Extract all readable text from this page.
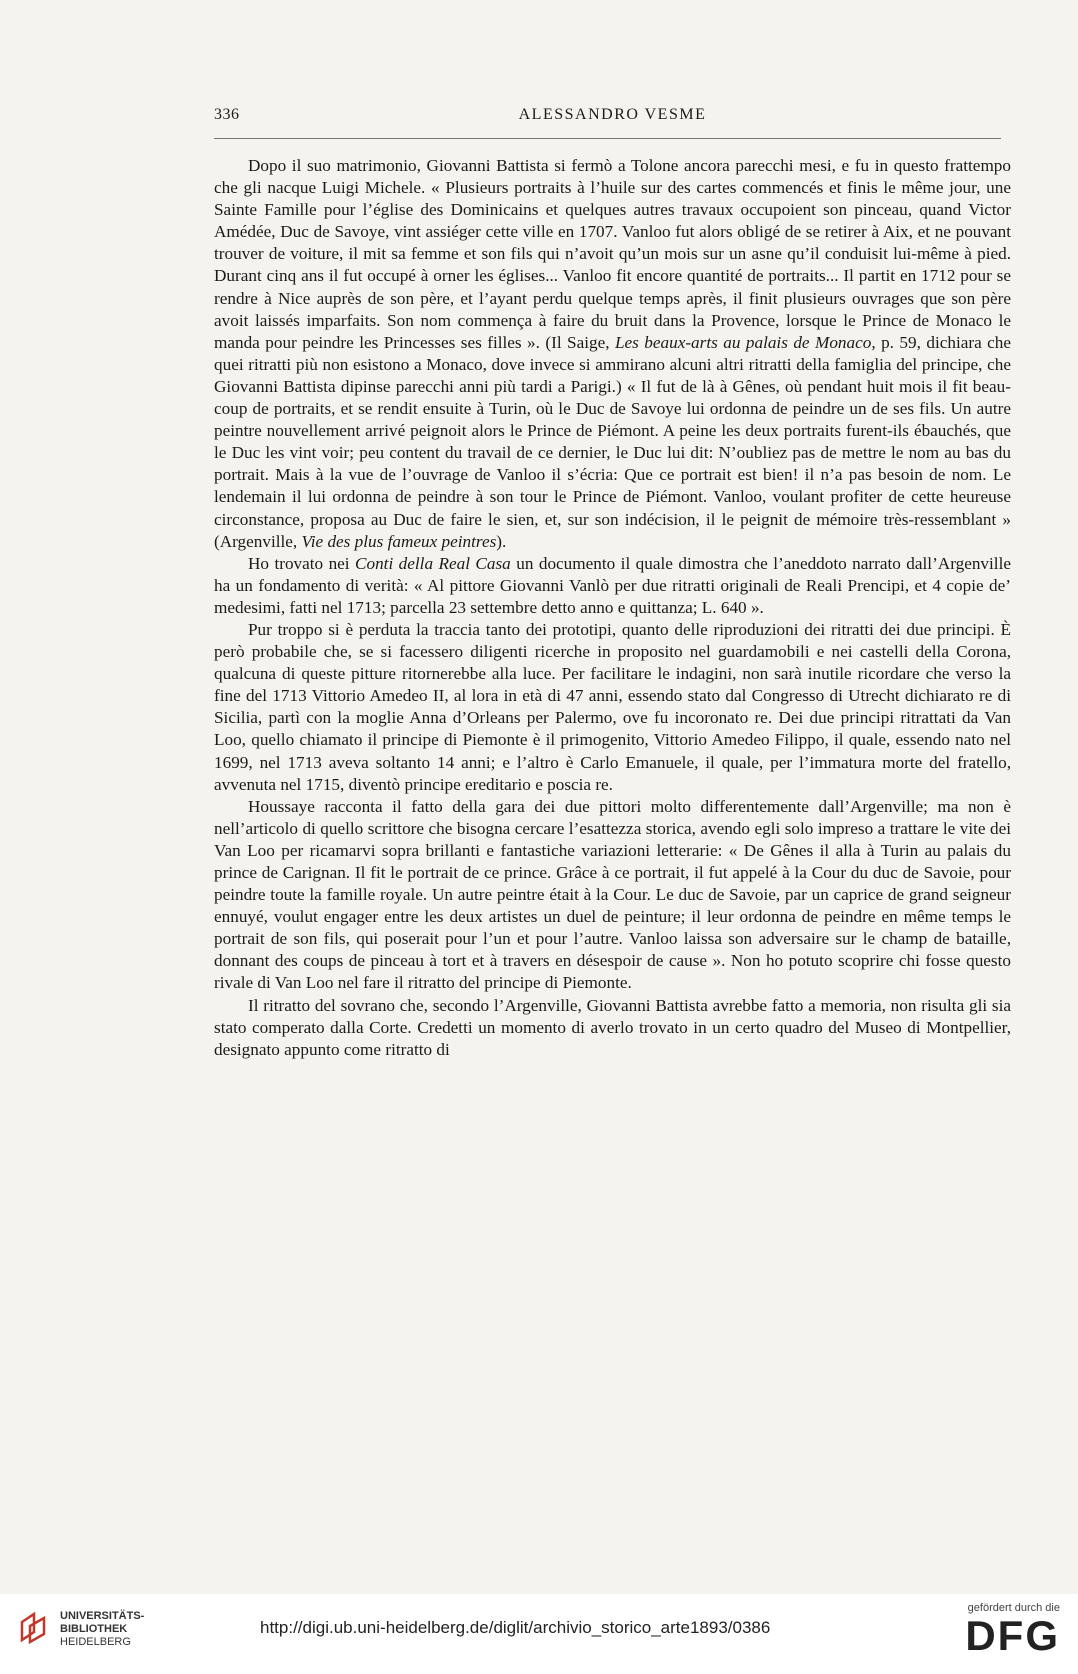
336	ALESSANDRO VESME

Dopo il suo matrimonio, Giovanni Battista si fermò a Tolone ancora parecchi mesi, e fu in questo frattempo che gli nacque Luigi Michele. « Plusieurs portraits à l’huile sur des cartes commencés et finis le même jour, une Sainte Famille pour l’église des Dominicains et quelques autres travaux occupoient son pinceau, quand Victor Amédée, Duc de Savoye, vint assiéger cette ville en 1707. Vanloo fut alors obligé de se retirer à Aix, et ne pouvant trouver de voiture, il mit sa femme et son fils qui n’avoit qu’un mois sur un asne qu’il conduisit lui-même à pied. Durant cinq ans il fut occupé à orner les églises... Vanloo fit encore quantité de portraits... Il partit en 1712 pour se rendre à Nice auprès de son père, et l’ayant perdu quelque temps après, il finit plusieurs ouvrages que son père avoit laissés imparfaits. Son nom commença à faire du bruit dans la Provence, lorsque le Prince de Monaco le manda pour peindre les Princesses ses filles ». (Il Saige, Les beaux-arts au palais de Monaco, p. 59, dichiara che quei ritratti più non esistono a Monaco, dove invece si ammirano alcuni altri ritratti della famiglia del principe, che Giovanni Battista dipinse parecchi anni più tardi a Parigi.) « Il fut de là à Gênes, où pendant huit mois il fit beaucoup de portraits, et se rendit ensuite à Turin, où le Duc de Savoye lui ordonna de peindre un de ses fils. Un autre peintre nouvellement arrivé peignoit alors le Prince de Piémont. A peine les deux portraits furent-ils ébauchés, que le Duc les vint voir; peu content du travail de ce dernier, le Duc lui dit: N’oubliez pas de mettre le nom au bas du portrait. Mais à la vue de l’ouvrage de Vanloo il s’écria: Que ce portrait est bien! il n’a pas besoin de nom. Le lendemain il lui ordonna de peindre à son tour le Prince de Piémont. Vanloo, voulant profiter de cette heureuse circonstance, proposa au Duc de faire le sien, et, sur son indécision, il le peignit de mémoire très-ressemblant » (Argenville, Vie des plus fameux peintres).

Ho trovato nei Conti della Real Casa un documento il quale dimostra che l’aneddoto narrato dall’Argenville ha un fondamento di verità: « Al pittore Giovanni Vanlò per due ritratti originali de Reali Prencipi, et 4 copie de’ medesimi, fatti nel 1713; parcella 23 settembre detto anno e quittanza; L. 640 ».

Pur troppo si è perduta la traccia tanto dei prototipi, quanto delle riproduzioni dei ritratti dei due principi. È però probabile che, se si facessero diligenti ricerche in proposito nel guardamobili e nei castelli della Corona, qualcuna di queste pitture ritornerebbe alla luce. Per facilitare le indagini, non sarà inutile ricordare che verso la fine del 1713 Vittorio Amedeo II, al lora in età di 47 anni, essendo stato dal Congresso di Utrecht dichiarato re di Sicilia, partì con la moglie Anna d’Orleans per Palermo, ove fu incoronato re. Dei due principi ritrattati da Van Loo, quello chiamato il principe di Piemonte è il primogenito, Vittorio Amedeo Filippo, il quale, essendo nato nel 1699, nel 1713 aveva soltanto 14 anni; e l’altro è Carlo Emanuele, il quale, per l’immatura morte del fratello, avvenuta nel 1715, diventò principe ereditario e poscia re.

Houssaye racconta il fatto della gara dei due pittori molto differentemente dall’Argenville; ma non è nell’articolo di quello scrittore che bisogna cercare l’esattezza storica, avendo egli solo impreso a trattare le vite dei Van Loo per ricamarvi sopra brillanti e fantastiche variazioni letterarie: « De Gênes il alla à Turin au palais du prince de Carignan. Il fit le portrait de ce prince. Grâce à ce portrait, il fut appelé à la Cour du duc de Savoie, pour peindre toute la famille royale. Un autre peintre était à la Cour. Le duc de Savoie, par un caprice de grand seigneur ennuyé, voulut engager entre les deux artistes un duel de peinture; il leur ordonna de peindre en même temps le portrait de son fils, qui poserait pour l’un et pour l’autre. Vanloo laissa son adversaire sur le champ de bataille, donnant des coups de pinceau à tort et à travers en désespoir de cause ». Non ho potuto scoprire chi fosse questo rivale di Van Loo nel fare il ritratto del principe di Piemonte.

Il ritratto del sovrano che, secondo l’Argenville, Giovanni Battista avrebbe fatto a memoria, non risulta gli sia stato comperato dalla Corte. Credetti un momento di averlo trovato in un certo quadro del Museo di Montpellier, designato appunto come ritratto di

UNIVERSITÄTS-
BIBLIOTHEK
HEIDELBERG
http://digi.ub.uni-heidelberg.de/diglit/archivio_storico_arte1893/0386
gefördert durch die
DFG
